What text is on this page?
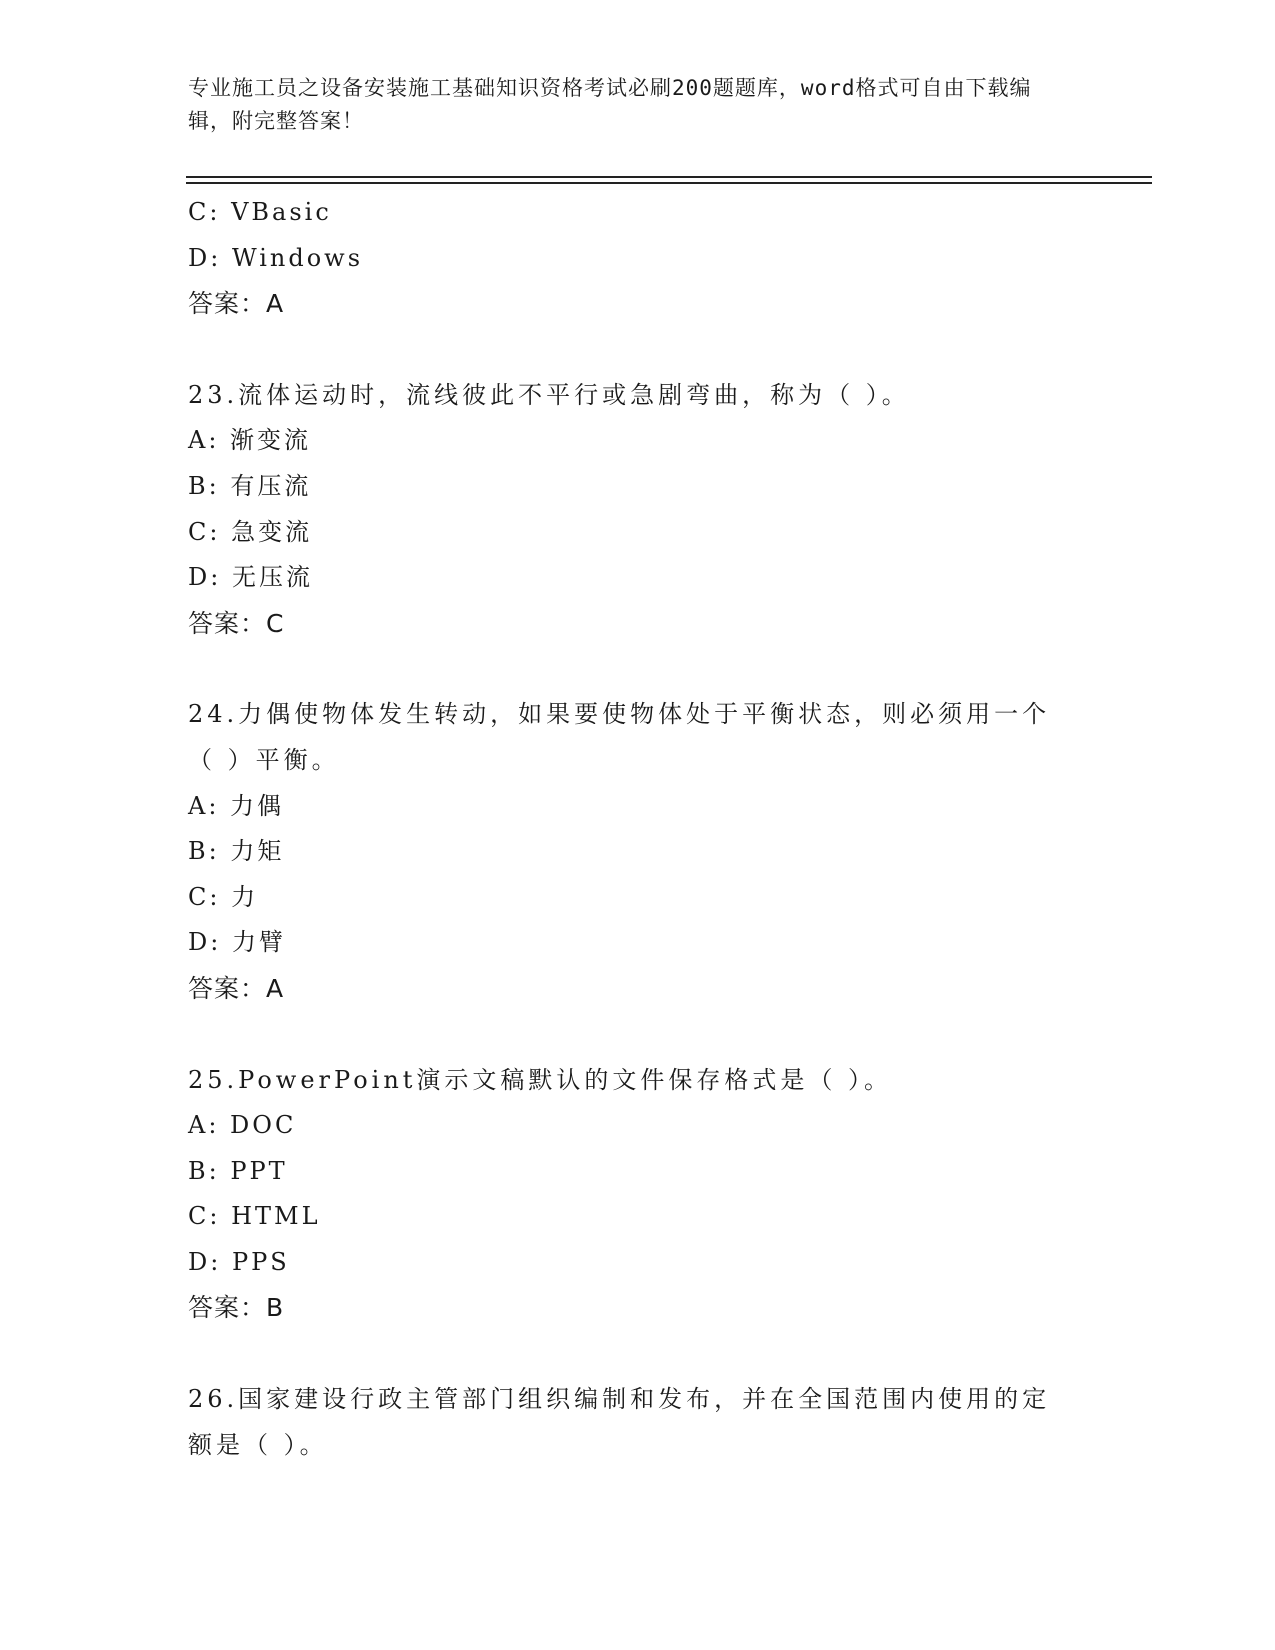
专业施工员之设备安装施工基础知识资格考试必刷200题题库，word格式可自由下载编辑，附完整答案！
C: VBasic
D: Windows
答案：A
23.流体运动时，流线彼此不平行或急剧弯曲，称为（ ）。
A: 渐变流
B: 有压流
C: 急变流
D: 无压流
答案：C
24.力偶使物体发生转动，如果要使物体处于平衡状态，则必须用一个（ ）平衡。
A: 力偶
B: 力矩
C: 力
D: 力臂
答案：A
25.PowerPoint演示文稿默认的文件保存格式是（ ）。
A: DOC
B: PPT
C: HTML
D: PPS
答案：B
26.国家建设行政主管部门组织编制和发布，并在全国范围内使用的定额是（ ）。
